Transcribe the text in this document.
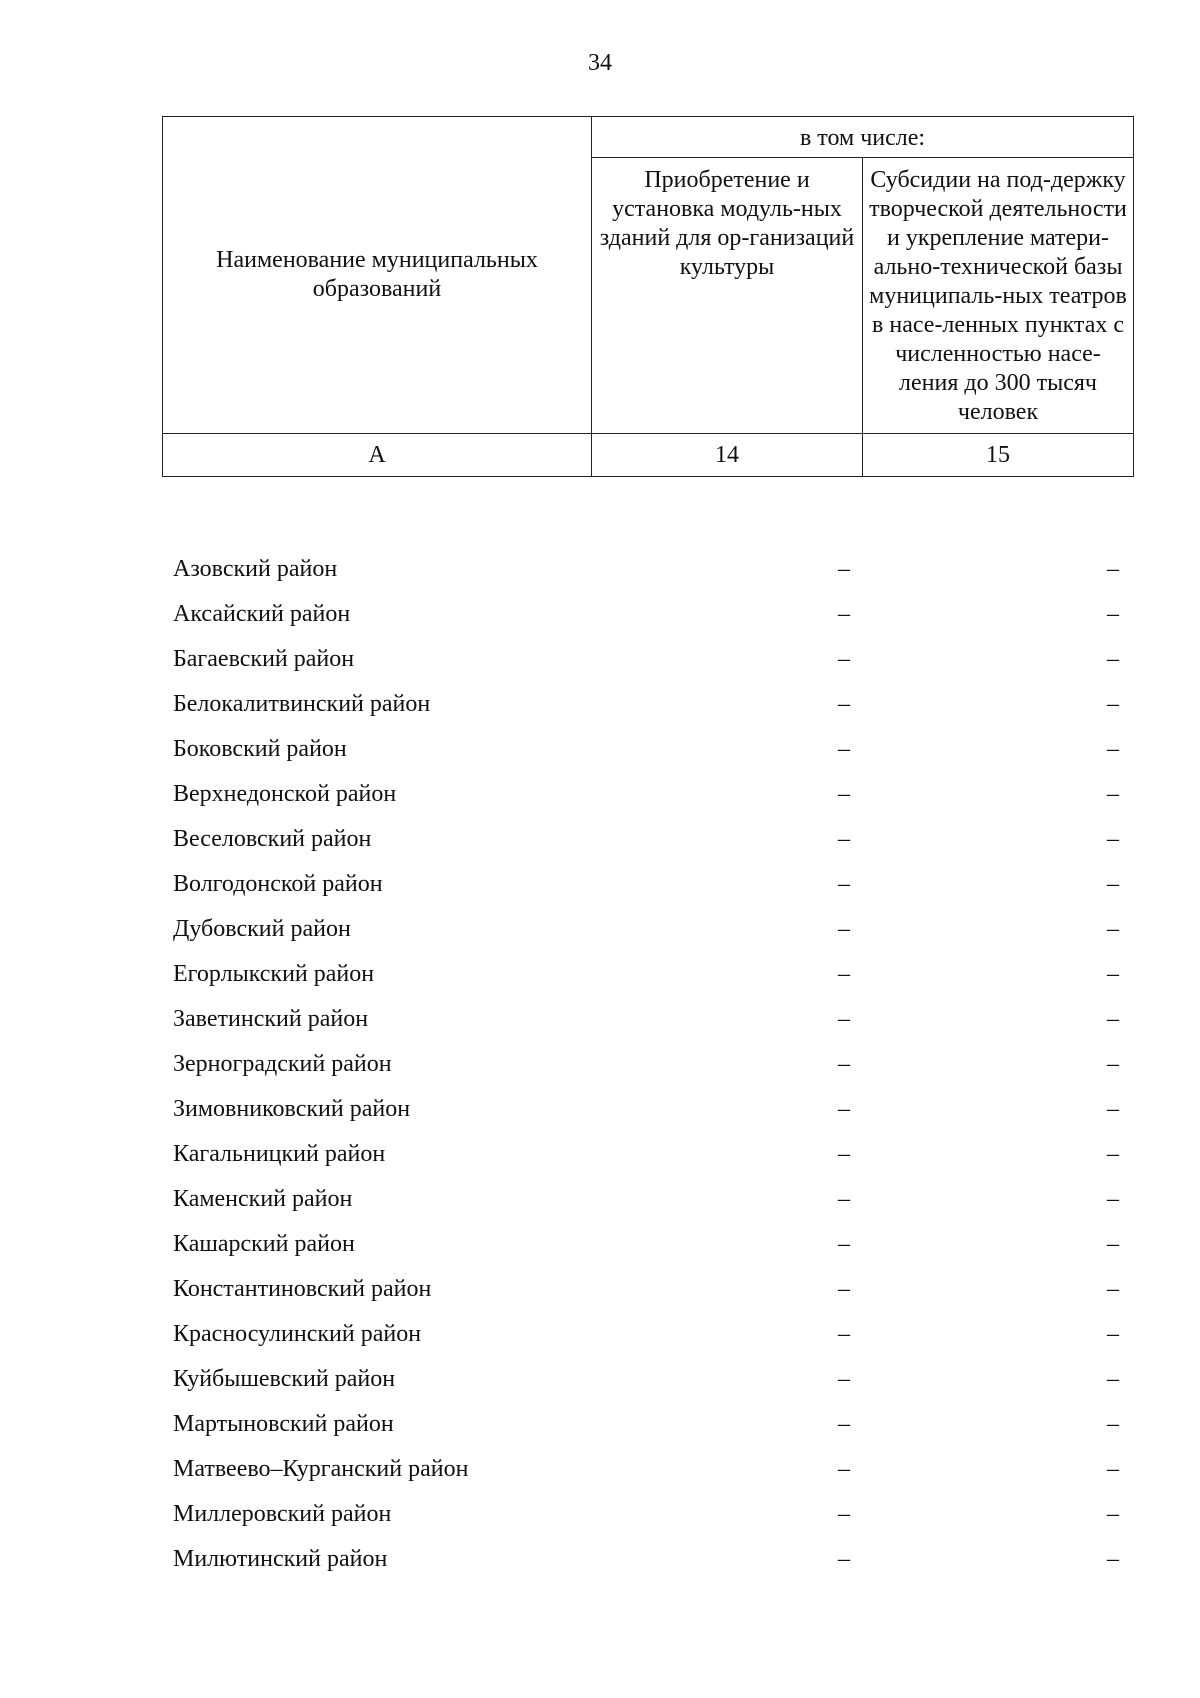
34
Наименование муниципальных образований	в том числе:	
	Приобретение и установка модуль-ных зданий для ор-ганизаций культуры	Субсидии на под-держку творческой деятельности и укрепление матери-ально-технической базы муниципаль-ных театров в насе-ленных пунктах с численностью насе-ления до 300 тысяч человек
А	14	15
Азовский район	–	–
Аксайский район	–	–
Багаевский район	–	–
Белокалитвинский район	–	–
Боковский район	–	–
Верхнедонской район	–	–
Веселовский район	–	–
Волгодонской район	–	–
Дубовский район	–	–
Егорлыкский район	–	–
Заветинский район	–	–
Зерноградский район	–	–
Зимовниковский район	–	–
Кагальницкий район	–	–
Каменский район	–	–
Кашарский район	–	–
Константиновский район	–	–
Красносулинский район	–	–
Куйбышевский район	–	–
Мартыновский район	–	–
Матвеево–Курганский район	–	–
Миллеровский район	–	–
Милютинский район	–	–
